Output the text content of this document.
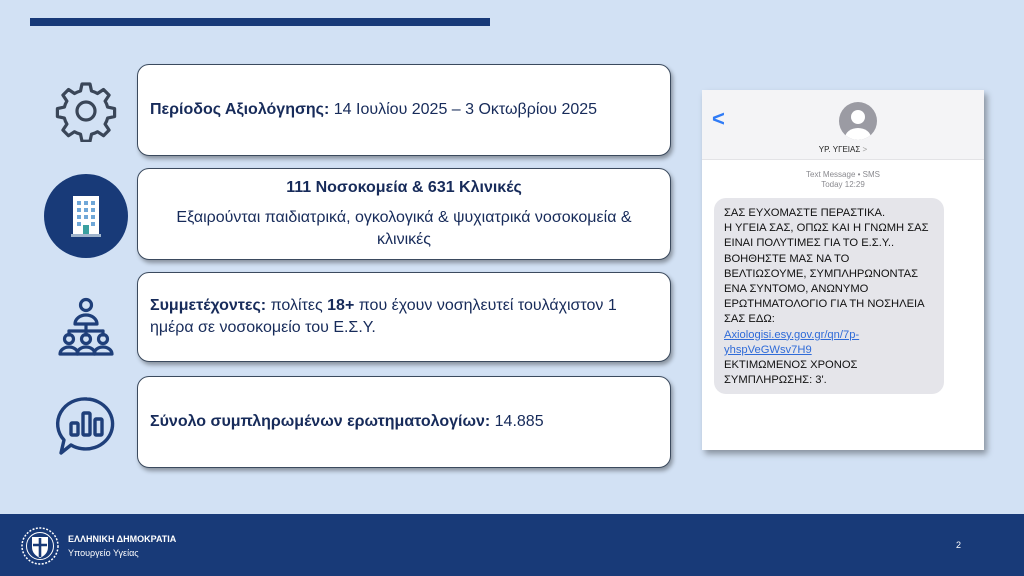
Περίοδος Αξιολόγησης: 14 Ιουλίου 2025 – 3 Οκτωβρίου 2025
111 Νοσοκομεία & 631 Κλινικές
Εξαιρούνται παιδιατρικά, ογκολογικά & ψυχιατρικά νοσοκομεία & κλινικές
Συμμετέχοντες: πολίτες 18+ που έχουν νοσηλευτεί τουλάχιστον 1 ημέρα σε νοσοκομείο του Ε.Σ.Υ.
Σύνολο συμπληρωμένων ερωτηματολογίων: 14.885
<
ΥΡ. ΥΓΕΙΑΣ >
Text Message • SMS
Today 12:29
ΣΑΣ ΕΥΧΟΜΑΣΤΕ ΠΕΡΑΣΤΙΚΑ.
Η ΥΓΕΙΑ ΣΑΣ, ΟΠΩΣ ΚΑΙ Η ΓΝΩΜΗ ΣΑΣ ΕΙΝΑΙ ΠΟΛΥΤΙΜΕΣ ΓΙΑ ΤΟ Ε.Σ.Υ..
ΒΟΗΘΗΣΤΕ ΜΑΣ ΝΑ ΤΟ ΒΕΛΤΙΩΣΟΥΜΕ, ΣΥΜΠΛΗΡΩΝΟΝΤΑΣ ΕΝΑ ΣΥΝΤΟΜΟ, ΑΝΩΝΥΜΟ ΕΡΩΤΗΜΑΤΟΛΟΓΙΟ ΓΙΑ ΤΗ ΝΟΣΗΛΕΙΑ ΣΑΣ ΕΔΩ:
Axiologisi.esy.gov.gr/qn/7p-yhspVeGWsv7H9
ΕΚΤΙΜΩΜΕΝΟΣ ΧΡΟΝΟΣ ΣΥΜΠΛΗΡΩΣΗΣ: 3'.
ΕΛΛΗΝΙΚΗ ΔΗΜΟΚΡΑΤΙΑ
Υπουργείο Υγείας
2
